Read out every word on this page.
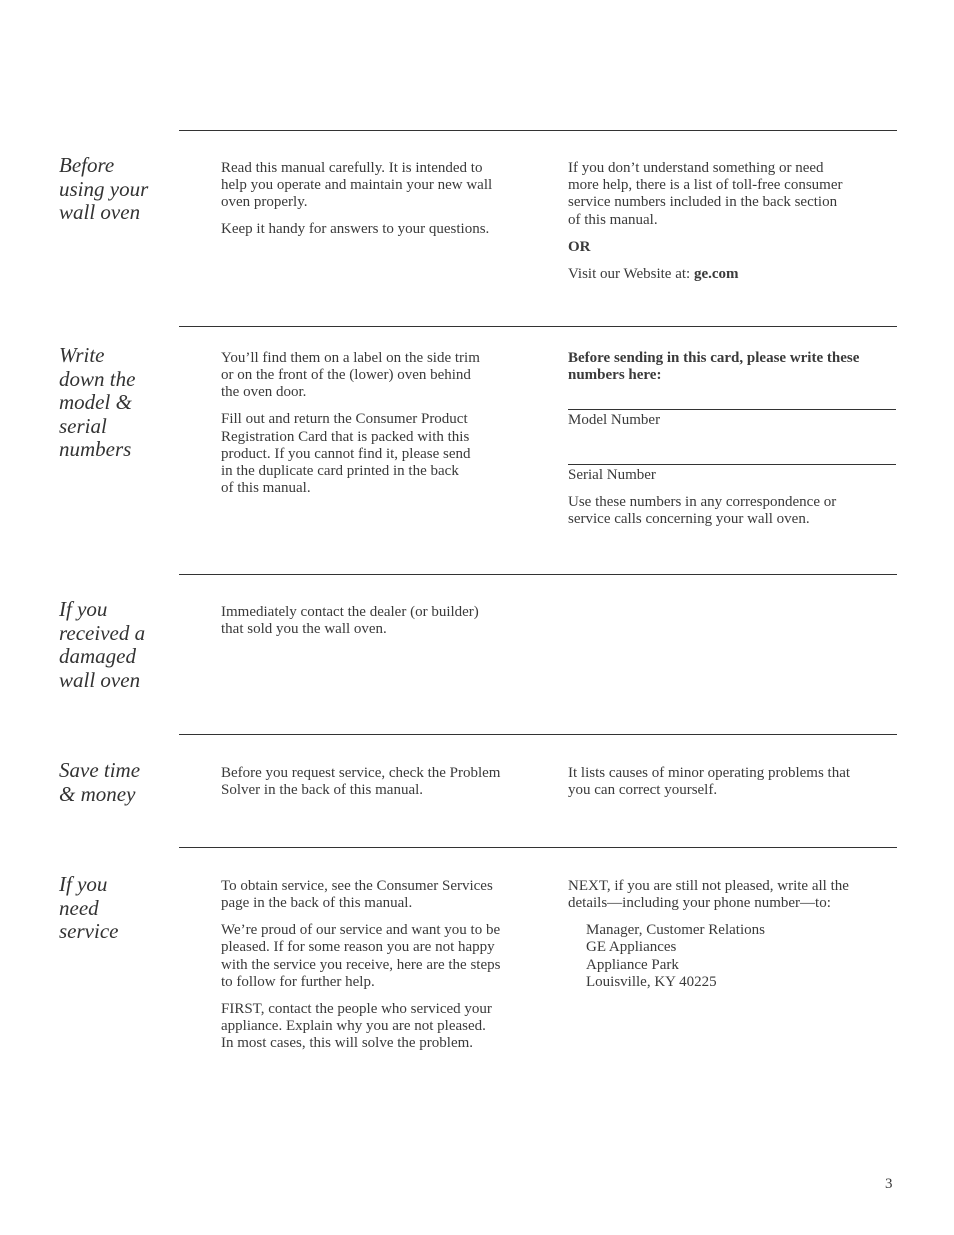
Before
using your
wall oven

Read this manual carefully. It is intended to
help you operate and maintain your new wall
oven properly.

Keep it handy for answers to your questions.

If you don’t understand something or need
more help, there is a list of toll-free consumer
service numbers included in the back section
of this manual.

OR

Visit our Website at: ge.com

Write
down the
model &
serial
numbers

You’ll find them on a label on the side trim
or on the front of the (lower) oven behind
the oven door.

Fill out and return the Consumer Product
Registration Card that is packed with this
product. If you cannot find it, please send
in the duplicate card printed in the back
of this manual.

Before sending in this card, please write these
numbers here:
Model Number
Serial Number
Use these numbers in any correspondence or
service calls concerning your wall oven.
If you
received a
damaged
wall oven

Immediately contact the dealer (or builder)
that sold you the wall oven.

Save time
& money

Before you request service, check the Problem
Solver in the back of this manual.

It lists causes of minor operating problems that
you can correct yourself.

If you
need
service

To obtain service, see the Consumer Services
page in the back of this manual.

We’re proud of our service and want you to be
pleased. If for some reason you are not happy
with the service you receive, here are the steps
to follow for further help.

FIRST, contact the people who serviced your
appliance. Explain why you are not pleased.
In most cases, this will solve the problem.

NEXT, if you are still not pleased, write all the
details—including your phone number—to:

Manager, Customer Relations
GE Appliances
Appliance Park
Louisville, KY 40225

3
